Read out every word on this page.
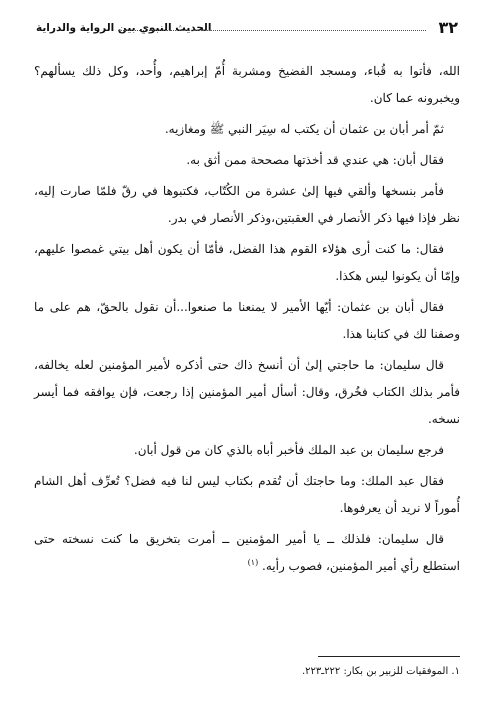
٣٢
الحديث النبوي بين الرواية والدراية

الله، فأتوا به قُباء، ومسجد الفضيخ ومشربة أُمّ إبراهيم، وأُحد، وكل ذلك يسألهم؟ ويخبرونه عما كان.

ثمّ أمر أبان بن عثمان أن يكتب له سِيَر النبي ﷺ ومغازيه.

فقال أبان: هي عندي قد أخذتها مصححة ممن أثق به.

فأمر بنسخها وألقي فيها إلىٰ عشرة من الكُتّاب، فكتبوها في رقّ فلمّا صارت إليه، نظر فإذا فيها ذكر الأنصار في العقبتين،وذكر الأنصار في بدر.

فقال: ما كنت أرى هؤلاء القوم هذا الفضل، فأمّا أن يكون أهل بيتي غمصوا عليهم، وإمّا أن يكونوا ليس هكذا.

فقال أبان بن عثمان: أيّها الأمير لا يمنعنا ما صنعوا...أن نقول بالحقّ، هم على ما وصفنا لك في كتابنا هذا.

قال سليمان: ما حاجتي إلىٰ أن أنسخ ذاك حتى أذكره لأمير المؤمنين لعله يخالفه، فأمر بذلك الكتاب فخُرق، وقال: أسأل أمير المؤمنين إذا رجعت، فإن يوافقه فما أيسر نسخه.

فرجع سليمان بن عبد الملك فأخبر أباه بالذي كان من قول أبان.

فقال عبد الملك: وما حاجتك أن تُقدم بكتاب ليس لنا فيه فضل؟ تُعرِّف أهل الشام أُموراً لا نريد أن يعرفوها.

قال سليمان: فلذلك ــ يا أمير المؤمنين ــ أمرت بتخريق ما كنت نسخته حتى استطلع رأي أمير المؤمنين، فصوب رأيه. $^{(١)}$

١. الموفقيات للزبير بن بكار: ٢٢٢ـ٢٢٣.
